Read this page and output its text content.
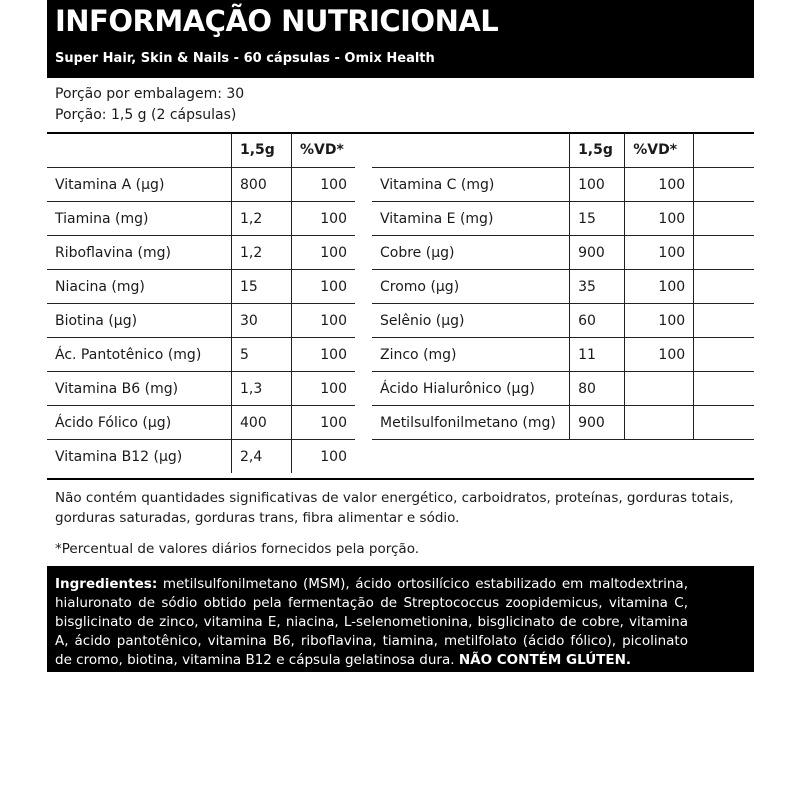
INFORMAÇÃO NUTRICIONAL
Super Hair, Skin & Nails - 60 cápsulas - Omix Health
Porção por embalagem: 30
Porção: 1,5 g (2 cápsulas)
	1,5g	%VD*
Vitamina A (µg)	800	100
Tiamina (mg)	1,2	100
Riboflavina (mg)	1,2	100
Niacina (mg)	15	100
Biotina (µg)	30	100
Ác. Pantotênico (mg)	5	100
Vitamina B6 (mg)	1,3	100
Ácido Fólico (µg)	400	100
Vitamina B12 (µg)	2,4	100
	1,5g	%VD*	
Vitamina C (mg)	100	100	
Vitamina E (mg)	15	100	
Cobre (µg)	900	100	
Cromo (µg)	35	100	
Selênio (µg)	60	100	
Zinco (mg)	11	100	
Ácido Hialurônico (µg)	80		
Metilsulfonilmetano (mg)	900		
Não contém quantidades significativas de valor energético, carboidratos, proteínas, gorduras totais, gorduras saturadas, gorduras trans, fibra alimentar e sódio.
*Percentual de valores diários fornecidos pela porção.
Ingredientes: metilsulfonilmetano (MSM), ácido ortosilícico estabilizado em maltodextrina, hialuronato de sódio obtido pela fermentação de Streptococcus zoopidemicus, vitamina C, bisglicinato de zinco, vitamina E, niacina, L-selenometionina, bisglicinato de cobre, vitamina A, ácido pantotênico, vitamina B6, riboflavina, tiamina, metilfolato (ácido fólico), picolinato de cromo, biotina, vitamina B12 e cápsula gelatinosa dura. NÃO CONTÉM GLÚTEN.
